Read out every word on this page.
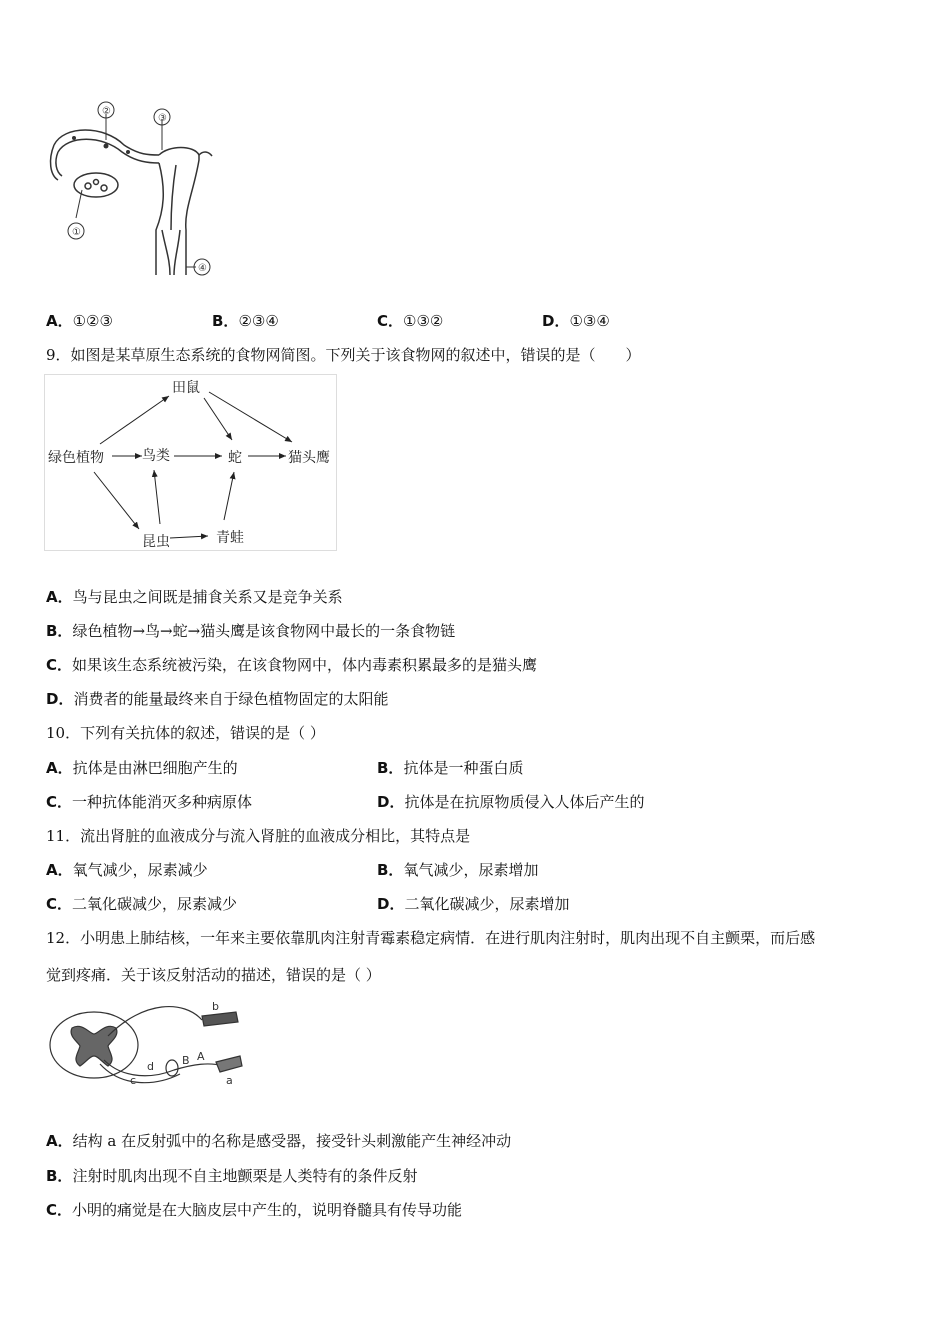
②
③
①
④
A．①②③	B．②③④	C．①③②	D．①③④
9．如图是某草原生态系统的食物网简图。下列关于该食物网的叙述中，错误的是（　　）
田鼠
绿色植物	鸟类	蛇	猫头鹰
昆虫	青蛙
A．鸟与昆虫之间既是捕食关系又是竞争关系
B．绿色植物→鸟→蛇→猫头鹰是该食物网中最长的一条食物链
C．如果该生态系统被污染，在该食物网中，体内毒素积累最多的是猫头鹰
D．消费者的能量最终来自于绿色植物固定的太阳能
10．下列有关抗体的叙述，错误的是（ ）
A．抗体是由淋巴细胞产生的	B．抗体是一种蛋白质
C．一种抗体能消灭多种病原体	D．抗体是在抗原物质侵入人体后产生的
11．流出肾脏的血液成分与流入肾脏的血液成分相比，其特点是
A．氧气减少，尿素减少	B．氧气减少，尿素增加
C．二氧化碳减少，尿素减少	D．二氧化碳减少，尿素增加
12．小明患上肺结核，一年来主要依靠肌肉注射青霉素稳定病情．在进行肌肉注射时，肌肉出现不自主颤栗，而后感
觉到疼痛．关于该反射活动的描述，错误的是（ ）
b
d	B A
c	a
A．结构 a 在反射弧中的名称是感受器，接受针头刺激能产生神经冲动
B．注射时肌肉出现不自主地颤栗是人类特有的条件反射
C．小明的痛觉是在大脑皮层中产生的，说明脊髓具有传导功能
